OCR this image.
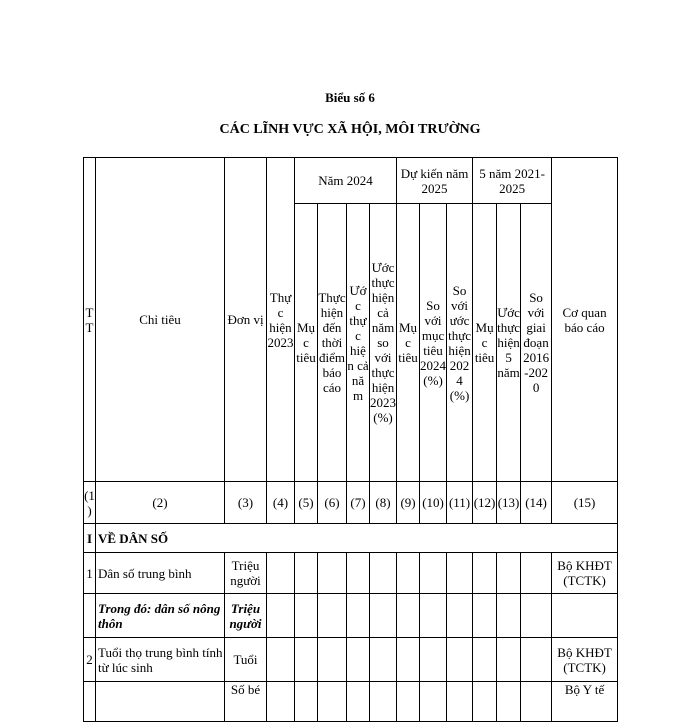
Biểu số 6
CÁC LĨNH VỰC XÃ HỘI, MÔI TRƯỜNG
TT	Chỉ tiêu	Đơn vị	Thực hiện 2023	Năm 2024				Dự kiến năm 2025			5 năm 2021-2025			Cơ quan báo cáo
				Mục tiêu	Thực hiện đến thời điểm báo cáo	Ước thực hiện cả năm	Ước thực hiện cả năm so với thực hiện 2023 (%)	Mục tiêu	So với mục tiêu 2024 (%)	So với ước thực hiện 2024 (%)	Mục tiêu	Ước thực hiện 5 năm	So với giai đoạn 2016-2020	
(1)	(2)	(3)	(4)	(5)	(6)	(7)	(8)	(9)	(10)	(11)	(12)	(13)	(14)	(15)
I	VỀ DÂN SỐ													
1	Dân số trung bình	Triệu người												Bộ KHĐT (TCTK)
	Trong đó: dân số nông thôn	Triệu người												
2	Tuổi thọ trung bình tính từ lúc sinh	Tuổi												Bộ KHĐT (TCTK)
		Số bé												Bộ Y tế
